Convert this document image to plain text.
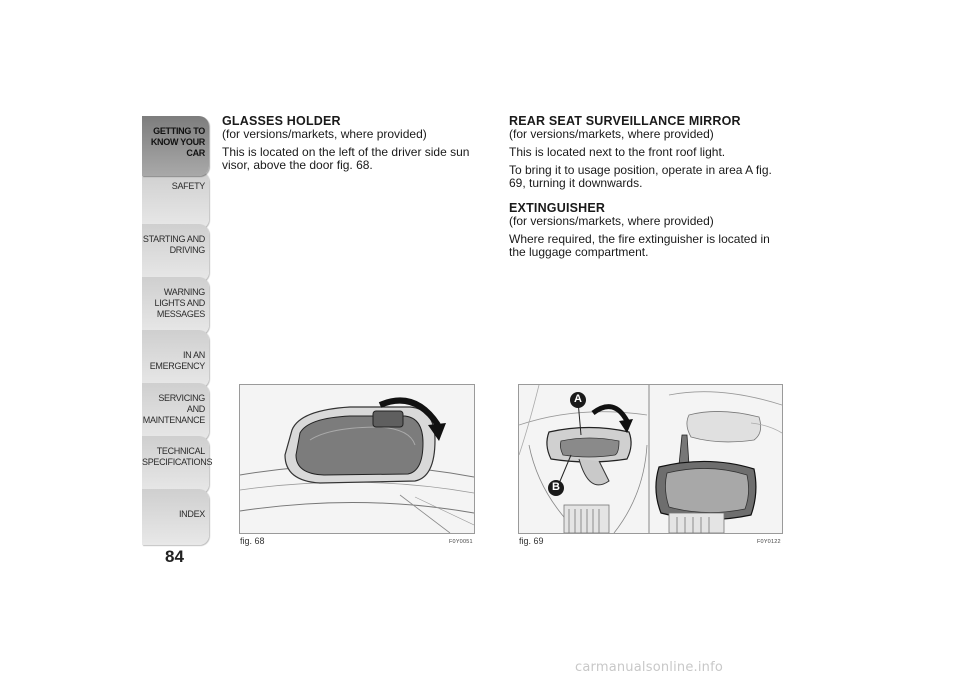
GETTING TO KNOW YOUR CAR
SAFETY
STARTING AND DRIVING
WARNING LIGHTS AND MESSAGES
IN AN EMERGENCY
SERVICING AND MAINTENANCE
TECHNICAL SPECIFICATIONS
INDEX
84
GLASSES HOLDER

(for versions/markets, where provided)

This is located on the left of the driver side sun visor, above the door fig. 68.

REAR SEAT SURVEILLANCE MIRROR

(for versions/markets, where provided)

This is located next to the front roof light.

To bring it to usage position, operate in area A fig. 69, turning it downwards.

EXTINGUISHER

(for versions/markets, where provided)

Where required, the fire extinguisher is located in the luggage compartment.

fig. 68	F0Y0051
A
B
fig. 69	F0Y0122
carmanualsonline.info
